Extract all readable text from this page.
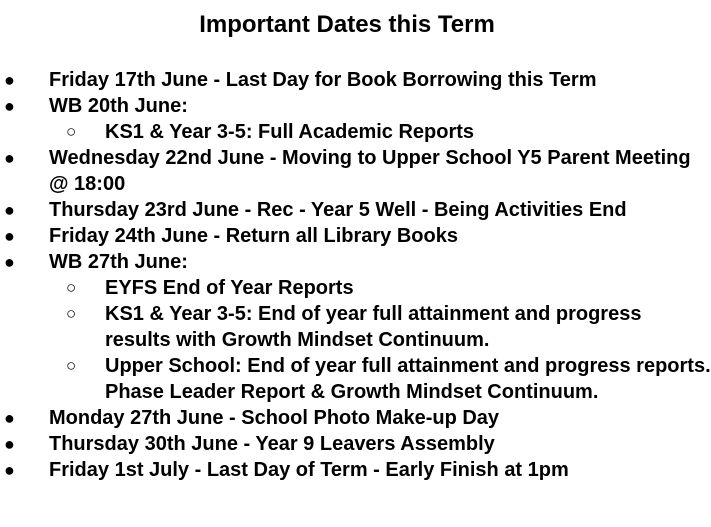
Important Dates this Term
● Friday 17th June - Last Day for Book Borrowing this Term
● WB 20th June:
○ KS1 & Year 3-5: Full Academic Reports
● Wednesday 22nd June - Moving to Upper School Y5 Parent Meeting @ 18:00
● Thursday 23rd June - Rec - Year 5 Well - Being Activities End
● Friday 24th June - Return all Library Books
● WB 27th June:
○ EYFS End of Year Reports
○ KS1 & Year 3-5: End of year full attainment and progress results with Growth Mindset Continuum.
○ Upper School: End of year full attainment and progress reports. Phase Leader Report & Growth Mindset Continuum.
● Monday 27th June - School Photo Make-up Day
● Thursday 30th June - Year 9 Leavers Assembly
● Friday 1st July - Last Day of Term - Early Finish at 1pm
